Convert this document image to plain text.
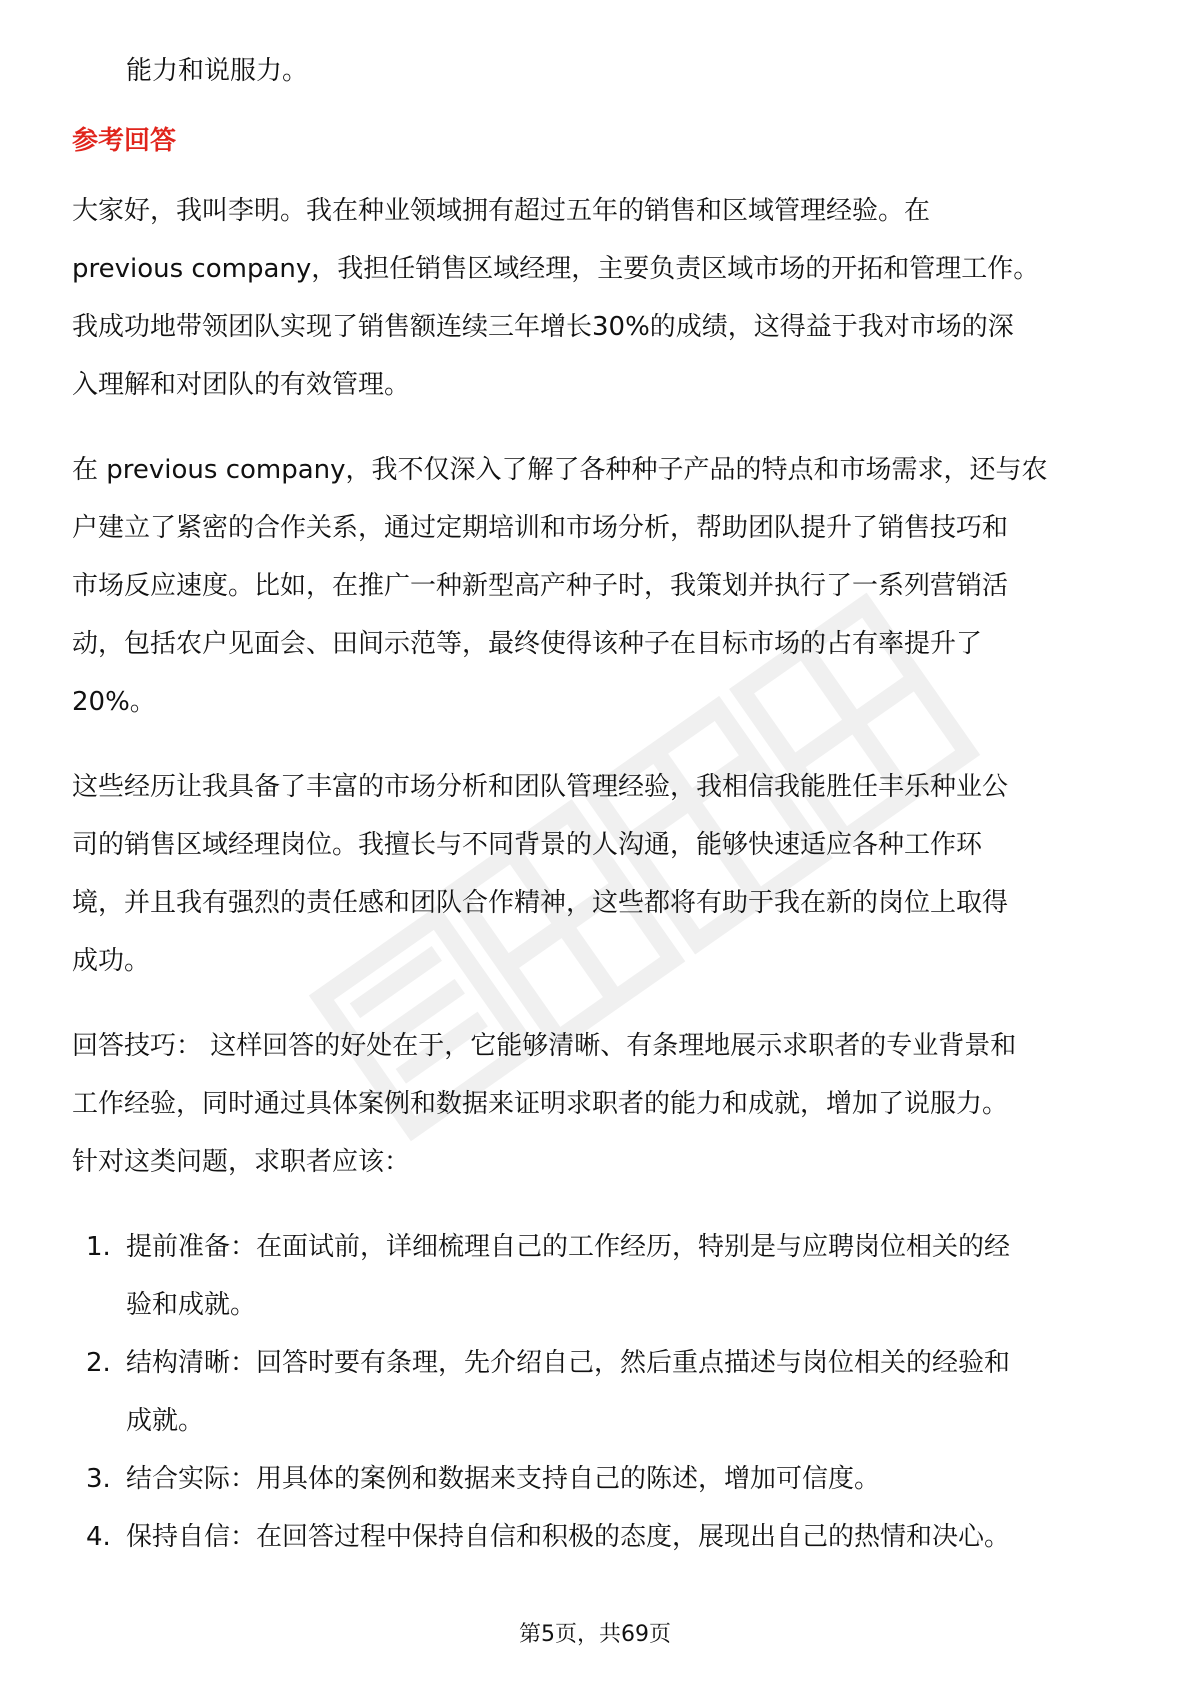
能力和说服力。

参考回答

大家好，我叫李明。我在种业领域拥有超过五年的销售和区域管理经验。在

previous company，我担任销售区域经理，主要负责区域市场的开拓和管理工作。

我成功地带领团队实现了销售额连续三年增长30%的成绩，这得益于我对市场的深

入理解和对团队的有效管理。

在 previous company，我不仅深入了解了各种种子产品的特点和市场需求，还与农

户建立了紧密的合作关系，通过定期培训和市场分析，帮助团队提升了销售技巧和

市场反应速度。比如，在推广一种新型高产种子时，我策划并执行了一系列营销活

动，包括农户见面会、田间示范等，最终使得该种子在目标市场的占有率提升了

20%。

这些经历让我具备了丰富的市场分析和团队管理经验，我相信我能胜任丰乐种业公

司的销售区域经理岗位。我擅长与不同背景的人沟通，能够快速适应各种工作环

境，并且我有强烈的责任感和团队合作精神，这些都将有助于我在新的岗位上取得

成功。

回答技巧： 这样回答的好处在于，它能够清晰、有条理地展示求职者的专业背景和

工作经验，同时通过具体案例和数据来证明求职者的能力和成就，增加了说服力。

针对这类问题，求职者应该：

1. 提前准备：在面试前，详细梳理自己的工作经历，特别是与应聘岗位相关的经

验和成就。

2. 结构清晰：回答时要有条理，先介绍自己，然后重点描述与岗位相关的经验和

成就。

3. 结合实际：用具体的案例和数据来支持自己的陈述，增加可信度。

4. 保持自信：在回答过程中保持自信和积极的态度，展现出自己的热情和决心。

第5页，共69页
